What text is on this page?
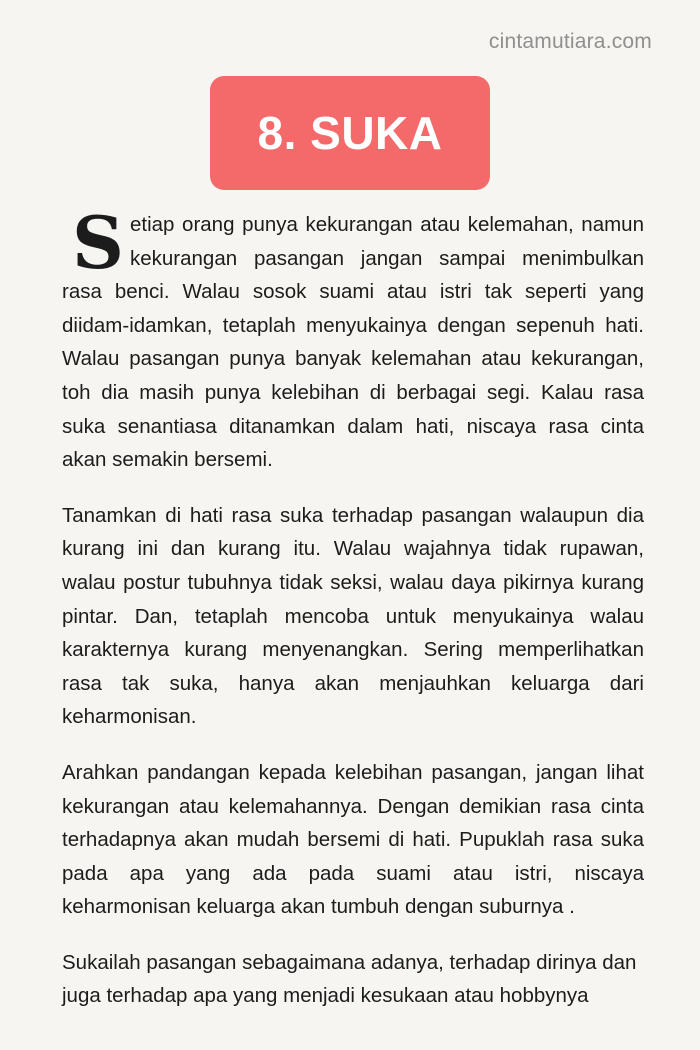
cintamutiara.com
8. SUKA

Setiap orang punya kekurangan atau kelemahan, namun kekurangan pasangan jangan sampai menimbulkan rasa benci. Walau sosok suami atau istri tak seperti yang diidam-idamkan, tetaplah menyukainya dengan sepenuh hati. Walau pasangan punya banyak kelemahan atau kekurangan, toh dia masih punya kelebihan di berbagai segi. Kalau rasa suka senantiasa ditanamkan dalam hati, niscaya rasa cinta akan semakin bersemi.

Tanamkan di hati rasa suka terhadap pasangan walaupun dia kurang ini dan kurang itu. Walau wajahnya tidak rupawan, walau postur tubuhnya tidak seksi, walau daya pikirnya kurang pintar. Dan, tetaplah mencoba untuk menyukainya walau karakternya kurang menyenangkan. Sering memperlihatkan rasa tak suka, hanya akan menjauhkan keluarga dari keharmonisan.

Arahkan pandangan kepada kelebihan pasangan, jangan lihat kekurangan atau kelemahannya. Dengan demikian rasa cinta terhadapnya akan mudah bersemi di hati. Pupuklah rasa suka pada apa yang ada pada suami atau istri, niscaya keharmonisan keluarga akan tumbuh dengan suburnya .

Sukailah pasangan sebagaimana adanya, terhadap dirinya dan juga terhadap apa yang menjadi kesukaan atau hobbynya
